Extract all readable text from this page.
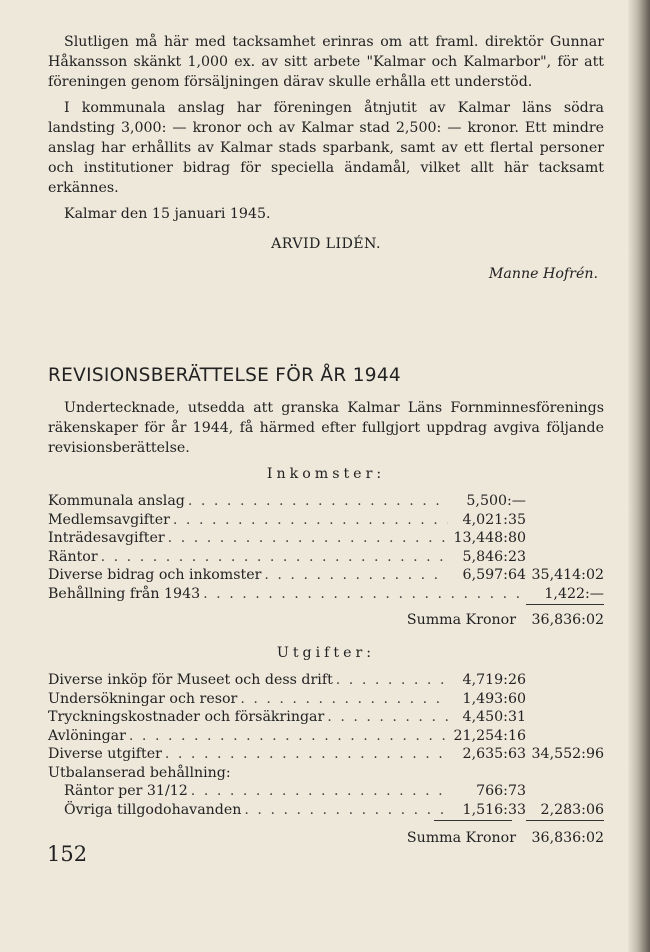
Slutligen må här med tacksamhet erinras om att framl. direktör Gunnar Håkansson skänkt 1,000 ex. av sitt arbete "Kalmar och Kalmarbor", för att föreningen genom försäljningen därav skulle erhålla ett understöd.

I kommunala anslag har föreningen åtnjutit av Kalmar läns södra landsting 3,000: — kronor och av Kalmar stad 2,500: — kronor. Ett mindre anslag har erhållits av Kalmar stads sparbank, samt av ett flertal personer och institutioner bidrag för speciella ändamål, vilket allt här tacksamt erkännes.

Kalmar den 15 januari 1945.

ARVID LIDÉN.

Manne Hofrén.

REVISIONSBERÄTTELSE FÖR ÅR 1944

Undertecknade, utsedda att granska Kalmar Läns Fornminnesförenings räkenskaper för år 1944, få härmed efter fullgjort uppdrag avgiva följande revisionsberättelse.

Inkomster:
Kommunala anslag . . .	5,500:—
Medlemsavgifter . . .	4,021:35
Inträdesavgifter . . .	13,448:80
Räntor . . .	5,846:23
Diverse bidrag och inkomster . . .	6,597:64 35,414:02
Behållning från 1943 . . .	1,422:—
Summa Kronor	36,836:02
Utgifter:
Diverse inköp för Museet och dess drift . . .	4,719:26
Undersökningar och resor . . .	1,493:60
Tryckningskostnader och försäkringar . . .	4,450:31
Avlöningar . . .	21,254:16
Diverse utgifter . . .	2,635:63 34,552:96
Utbalanserad behållning:
Räntor per 31/12 . . .	766:73
Övriga tillgodohavanden . . .	1,516:33	2,283:06
Summa Kronor	36,836:02
152
